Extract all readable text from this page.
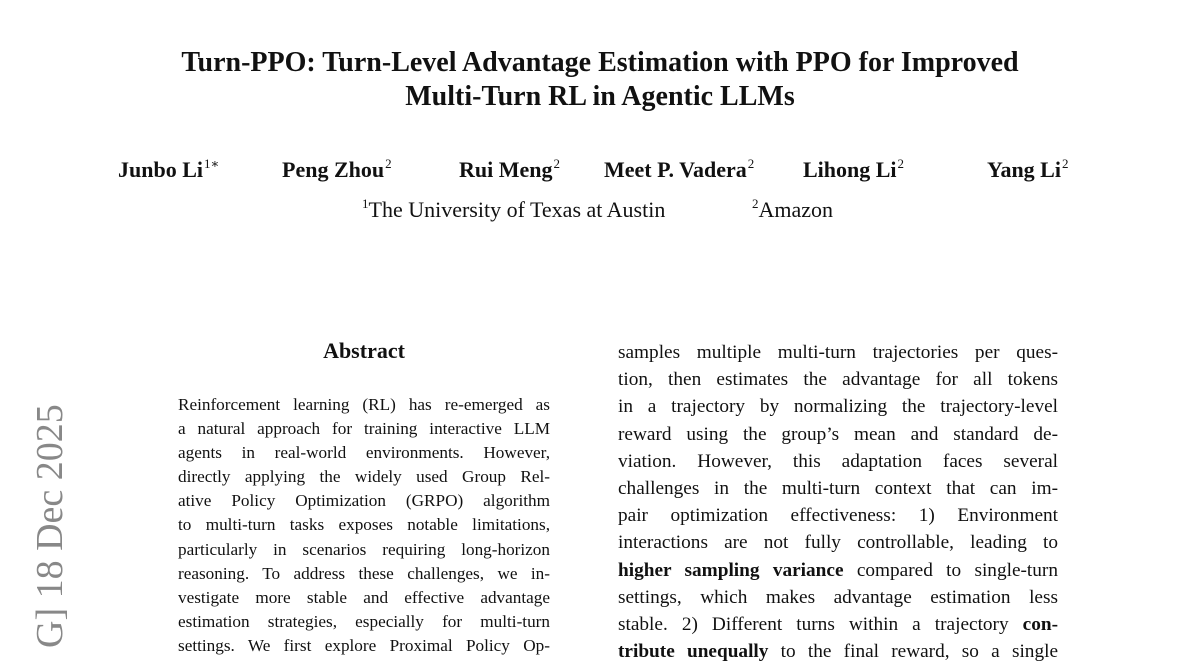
Turn-PPO: Turn-Level Advantage Estimation with PPO for Improved
Multi-Turn RL in Agentic LLMs
Junbo $Li^{1∗}$	Peng Zhou$^2$	Rui Meng$^2$ Meet P. Vadera$^2$ Lihong Li$^2$	Yang Li$^2$
$^1$The University of Texas at Austin	$^2$Amazon
G] 18 Dec 2025
Abstract
Reinforcement learning (RL) has re-emerged as
a natural approach for training interactive LLM
agents in real-world environments. However,
directly applying the widely used Group Rel-
ative Policy Optimization (GRPO) algorithm
to multi-turn tasks exposes notable limitations,
particularly in scenarios requiring long-horizon
reasoning. To address these challenges, we in-
vestigate more stable and effective advantage
estimation strategies, especially for multi-turn
settings. We first explore Proximal Policy Op-
samples multiple multi-turn trajectories per ques-
tion, then estimates the advantage for all tokens
in a trajectory by normalizing the trajectory-level
reward using the group’s mean and standard de-
viation. However, this adaptation faces several
challenges in the multi-turn context that can im-
pair optimization effectiveness: 1) Environment
interactions are not fully controllable, leading to
higher sampling variance compared to single-turn
settings, which makes advantage estimation less
stable. 2) Different turns within a trajectory con-
tribute unequally to the final reward, so a single
